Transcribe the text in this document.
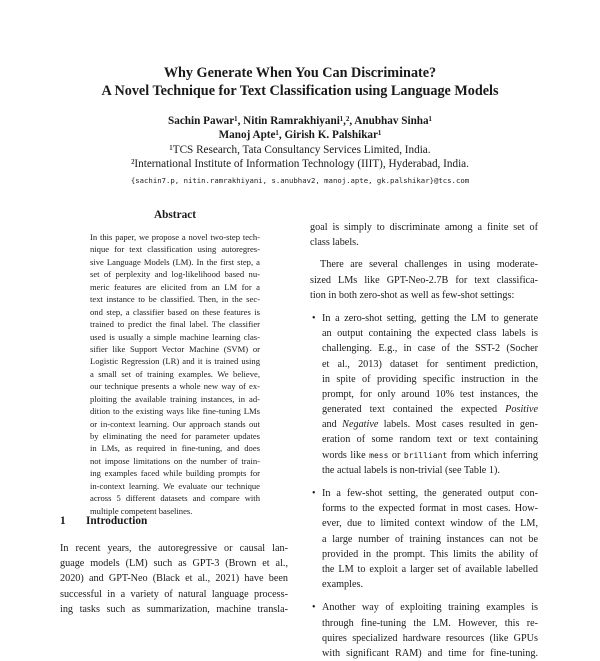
Why Generate When You Can Discriminate?
A Novel Technique for Text Classification using Language Models
Sachin Pawar¹, Nitin Ramrakhiyani¹,², Anubhav Sinha¹
Manoj Apte¹, Girish K. Palshikar¹
¹TCS Research, Tata Consultancy Services Limited, India.
²International Institute of Information Technology (IIIT), Hyderabad, India.
{sachin7.p, nitin.ramrakhiyani, s.anubhav2, manoj.apte, gk.palshikar}@tcs.com
Abstract
In this paper, we propose a novel two-step tech-
nique for text classification using autoregres-
sive Language Models (LM). In the first step, a
set of perplexity and log-likelihood based nu-
meric features are elicited from an LM for a
text instance to be classified. Then, in the sec-
ond step, a classifier based on these features is
trained to predict the final label. The classifier
used is usually a simple machine learning clas-
sifier like Support Vector Machine (SVM) or
Logistic Regression (LR) and it is trained using
a small set of training examples. We believe,
our technique presents a whole new way of ex-
ploiting the available training instances, in ad-
dition to the existing ways like fine-tuning LMs
or in-context learning. Our approach stands out
by eliminating the need for parameter updates
in LMs, as required in fine-tuning, and does
not impose limitations on the number of train-
ing examples faced while building prompts for
in-context learning. We evaluate our technique
across 5 different datasets and compare with
multiple competent baselines.
1 Introduction
In recent years, the autoregressive or causal lan-
guage models (LM) such as GPT-3 (Brown et al.,
2020) and GPT-Neo (Black et al., 2021) have been
successful in a variety of natural language process-
ing tasks such as summarization, machine transla-
goal is simply to discriminate among a finite set of
class labels.
There are several challenges in using moderate-
sized LMs like GPT-Neo-2.7B for text classifica-
tion in both zero-shot as well as few-shot settings:
• In a zero-shot setting, getting the LM to generate
an output containing the expected class labels is
challenging. E.g., in case of the SST-2 (Socher
et al., 2013) dataset for sentiment prediction,
in spite of providing specific instruction in the
prompt, for only around 10% test instances, the
generated text contained the expected Positive
and Negative labels. Most cases resulted in gen-
eration of some random text or text containing
words like mess or brilliant from which inferring
the actual labels is non-trivial (see Table 1).
• In a few-shot setting, the generated output con-
forms to the expected format in most cases. How-
ever, due to limited context window of the LM,
a large number of training instances can not be
provided in the prompt. This limits the ability of
the LM to exploit a larger set of available labelled
examples.
• Another way of exploiting training examples is
through fine-tuning the LM. However, this re-
quires specialized hardware resources (like GPUs
with significant RAM) and time for fine-tuning.
